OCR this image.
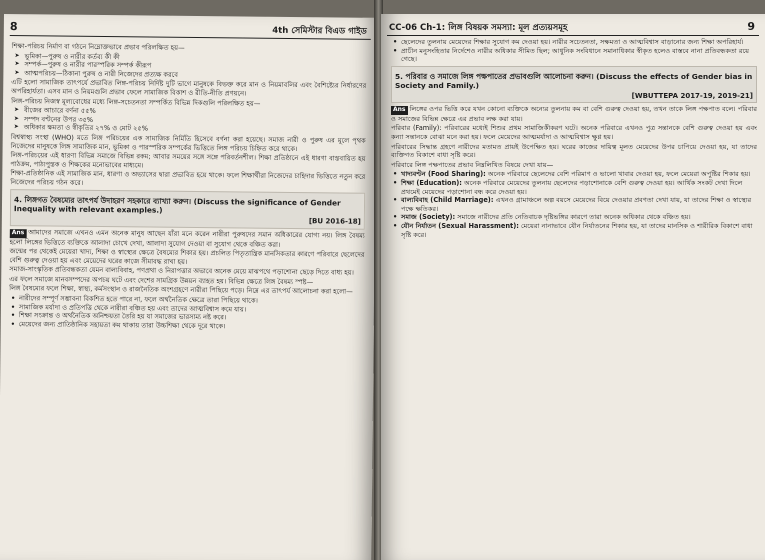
8	4th সেমিস্টার বিএড গাইড

শিক্ষা-পরিচয় নির্মাণ বা গঠনে নিম্নোক্তভাবে প্রভাব পরিলক্ষিত হয়—

➤ ভূমিকা—পুরুষ ও নারীর কর্তব্য কী কী
➤ সম্পর্ক—পুরুষ ও নারীর পারস্পরিক সম্পর্ক কীরূপ
➤ আত্মপরিচয়—ঠিকানা পুরুষ ও নারী নিজেদের প্রত্যক্ষ করবে

এটি হলো সামাজিক তাৎপর্যে প্রভাবিত লিঙ্গ-পরিচয় নির্দিষ্ট দুটি ভাগে মানুষকে বিভক্ত করে মান ও নিয়মাবলির এবং বৈশিষ্ট্যের নির্ধারণের অপরিহার্যতা। এসব মান ও নিয়মগুলি প্রভাব ফেলে সামাজিক বিকাশ ও রীতি-নীতি প্রণয়নে।

লিঙ্গ-পরিচয় নিজস্ব মূল্যবোধের মধ্যে লিঙ্গ-সচেতনতা সম্পর্কিত বিভিন্ন দিকগুলি পরিলক্ষিত হয়—

➤ বীজের আচারে বর্ণনা ৫৫%
➤ সম্পদ বণ্টনের উপর ৩৫%
➤ অধিকার ক্ষমতা ও স্বীকৃতির ২৭% ও মোট ২৫%

বিশ্বস্বাস্থ্য সংস্থা (WHO) মতে লিঙ্গ পরিচয়ের এক সামাজিক নির্মিতি হিসেবে বর্ণনা করা হয়েছে। সমাজ নারী ও পুরুষ এর মূলে পৃথক নিজেদের মানুষকে লিঙ্গ সামাজিক মান, ভূমিকা ও পারস্পরিক সম্পর্কের ভিত্তিতে লিঙ্গ পরিচয় চিহ্নিত করে থাকে।

লিঙ্গ-পরিচয়ের এই ধারণা বিভিন্ন সমাজে বিভিন্ন রকম; আবার সময়ের সঙ্গে সঙ্গে পরিবর্তনশীল। শিক্ষা প্রতিষ্ঠানে এই ধারণা বাস্তবায়িত হয় পাঠক্রম, পাঠ্যপুস্তক ও শিক্ষকের মনোভাবের মাধ্যমে।

শিক্ষা-প্রতিষ্ঠানিক এই সামাজিক মান, ধারণা ও অভ্যাসের দ্বারা প্রভাবিত হয়ে থাকে। ফলে শিক্ষার্থীরা নিজেদের চাহিদার ভিত্তিতে নতুন করে নিজেদের পরিচয় গঠন করে।

4. লিঙ্গগত বৈষম্যের তাৎপর্য উদাহরণ সহকারে ব্যাখ্যা করুন। (Discuss the significance of Gender Inequality with relevant examples.)
[BU 2016-18]

Ans আমাদের সমাজে এখনও এমন অনেক মানুষ আছেন যাঁরা মনে করেন নারীরা পুরুষদের সমান অধিকারের যোগ্য নয়। লিঙ্গ বৈষম্য হলো লিঙ্গের ভিত্তিতে ব্যক্তিকে আলাদা চোখে দেখা, আলাদা সুযোগ দেওয়া বা সুযোগ থেকে বঞ্চিত করা।

জন্মের পর থেকেই মেয়েরা খাদ্য, শিক্ষা ও স্বাস্থ্যের ক্ষেত্রে বৈষম্যের শিকার হয়। প্রচলিত পিতৃতান্ত্রিক মানসিকতার কারণে পরিবারে ছেলেদের বেশি গুরুত্ব দেওয়া হয় এবং মেয়েদের ঘরের কাজে সীমাবদ্ধ রাখা হয়।

সমাজ-সাংস্কৃতিক প্রতিবন্ধকতা যেমন বাল্যবিবাহ, পণপ্রথা ও নিরাপত্তার অভাবে অনেক মেয়ে মাঝপথে পড়াশোনা ছেড়ে দিতে বাধ্য হয়।

এর ফলে সমাজে মানবসম্পদের অপচয় ঘটে এবং দেশের সামগ্রিক উন্নয়ন ব্যাহত হয়। বিভিন্ন ক্ষেত্রে লিঙ্গ বৈষম্য স্পষ্ট—

লিঙ্গ বৈষম্যের ফলে শিক্ষা, স্বাস্থ্য, কর্মসংস্থান ও রাজনৈতিক অংশগ্রহণে নারীরা পিছিয়ে পড়ে। নিম্নে এর তাৎপর্য আলোচনা করা হলো—

• নারীদের সম্পূর্ণ সম্ভাবনা বিকশিত হতে পারে না, ফলে অর্থনৈতিক ক্ষেত্রে তারা পিছিয়ে থাকে।
• সামাজিক মর্যাদা ও প্রতিপত্তি থেকে নারীরা বঞ্চিত হয় এবং তাদের আত্মবিশ্বাস কমে যায়।
• শিক্ষা সংক্রান্ত ও অর্থনৈতিক অনিশ্চয়তা তৈরি হয় যা সমাজের ভারসাম্য নষ্ট করে।
• মেয়েদের জন্য প্রাতিষ্ঠানিক সহায়তা কম থাকায় তারা উচ্চশিক্ষা থেকে দূরে থাকে।
CC-06 Ch-1: লিঙ্গ বিষয়ক সমস্যা: মূল প্রত্যয়সমূহ	9
• ছেলেদের তুলনায় মেয়েদের শিক্ষার সুযোগ কম দেওয়া হয়। নারীর সচেতনতা, সক্ষমতা ও আত্মবিশ্বাস বাড়ানোর জন্য শিক্ষা অপরিহার্য।
• প্রাচীন মনুসংহিতার নির্দেশেও নারীর অধিকার সীমিত ছিল; আধুনিক সংবিধানে সমানাধিকার স্বীকৃত হলেও বাস্তবে নানা প্রতিবন্ধকতা রয়ে গেছে।
5. পরিবার ও সমাজে লিঙ্গ পক্ষপাতের প্রভাবগুলি আলোচনা করুন। (Discuss the effects of Gender bias in Society and Family.)
[WBUTTEPA 2017-19, 2019-21]

Ans লিঙ্গের ওপর ভিত্তি করে যখন কোনো ব্যক্তিকে অন্যের তুলনায় কম বা বেশি গুরুত্ব দেওয়া হয়, তখন তাকে লিঙ্গ পক্ষপাত বলে। পরিবার ও সমাজের বিভিন্ন ক্ষেত্রে এর প্রভাব লক্ষ করা যায়।

পরিবার (Family): পরিবারের মধ্যেই শিশুর প্রথম সামাজিকীকরণ ঘটে। অনেক পরিবারে এখনও পুত্র সন্তানকে বেশি গুরুত্ব দেওয়া হয় এবং কন্যা সন্তানকে বোঝা মনে করা হয়। ফলে মেয়েদের আত্মমর্যাদা ও আত্মবিশ্বাস ক্ষুণ্ণ হয়।

পরিবারের সিদ্ধান্ত গ্রহণে নারীদের মতামত প্রায়ই উপেক্ষিত হয়। ঘরের কাজের দায়িত্ব মূলত মেয়েদের উপর চাপিয়ে দেওয়া হয়, যা তাদের ব্যক্তিগত বিকাশে বাধা সৃষ্টি করে।

পরিবারে লিঙ্গ পক্ষপাতের প্রভাব নিম্নলিখিত বিষয়ে দেখা যায়—

• খাদ্যবণ্টন (Food Sharing): অনেক পরিবারে ছেলেদের বেশি পরিমাণ ও ভালো খাবার দেওয়া হয়, ফলে মেয়েরা অপুষ্টির শিকার হয়।
• শিক্ষা (Education): অনেক পরিবারে মেয়েদের তুলনায় ছেলেদের পড়াশোনাকে বেশি গুরুত্ব দেওয়া হয়। আর্থিক সংকট দেখা দিলে প্রথমেই মেয়েদের পড়াশোনা বন্ধ করে দেওয়া হয়।
• বাল্যবিবাহ (Child Marriage): এখনও গ্রামাঞ্চলে অল্প বয়সে মেয়েদের বিয়ে দেওয়ার প্রবণতা দেখা যায়, যা তাদের শিক্ষা ও স্বাস্থ্যের পক্ষে ক্ষতিকর।
• সমাজ (Society): সমাজে নারীদের প্রতি নেতিবাচক দৃষ্টিভঙ্গির কারণে তারা অনেক অধিকার থেকে বঞ্চিত হয়।
• যৌন নির্যাতন (Sexual Harassment): মেয়েরা নানাভাবে যৌন নির্যাতনের শিকার হয়, যা তাদের মানসিক ও শারীরিক বিকাশে বাধা সৃষ্টি করে।
